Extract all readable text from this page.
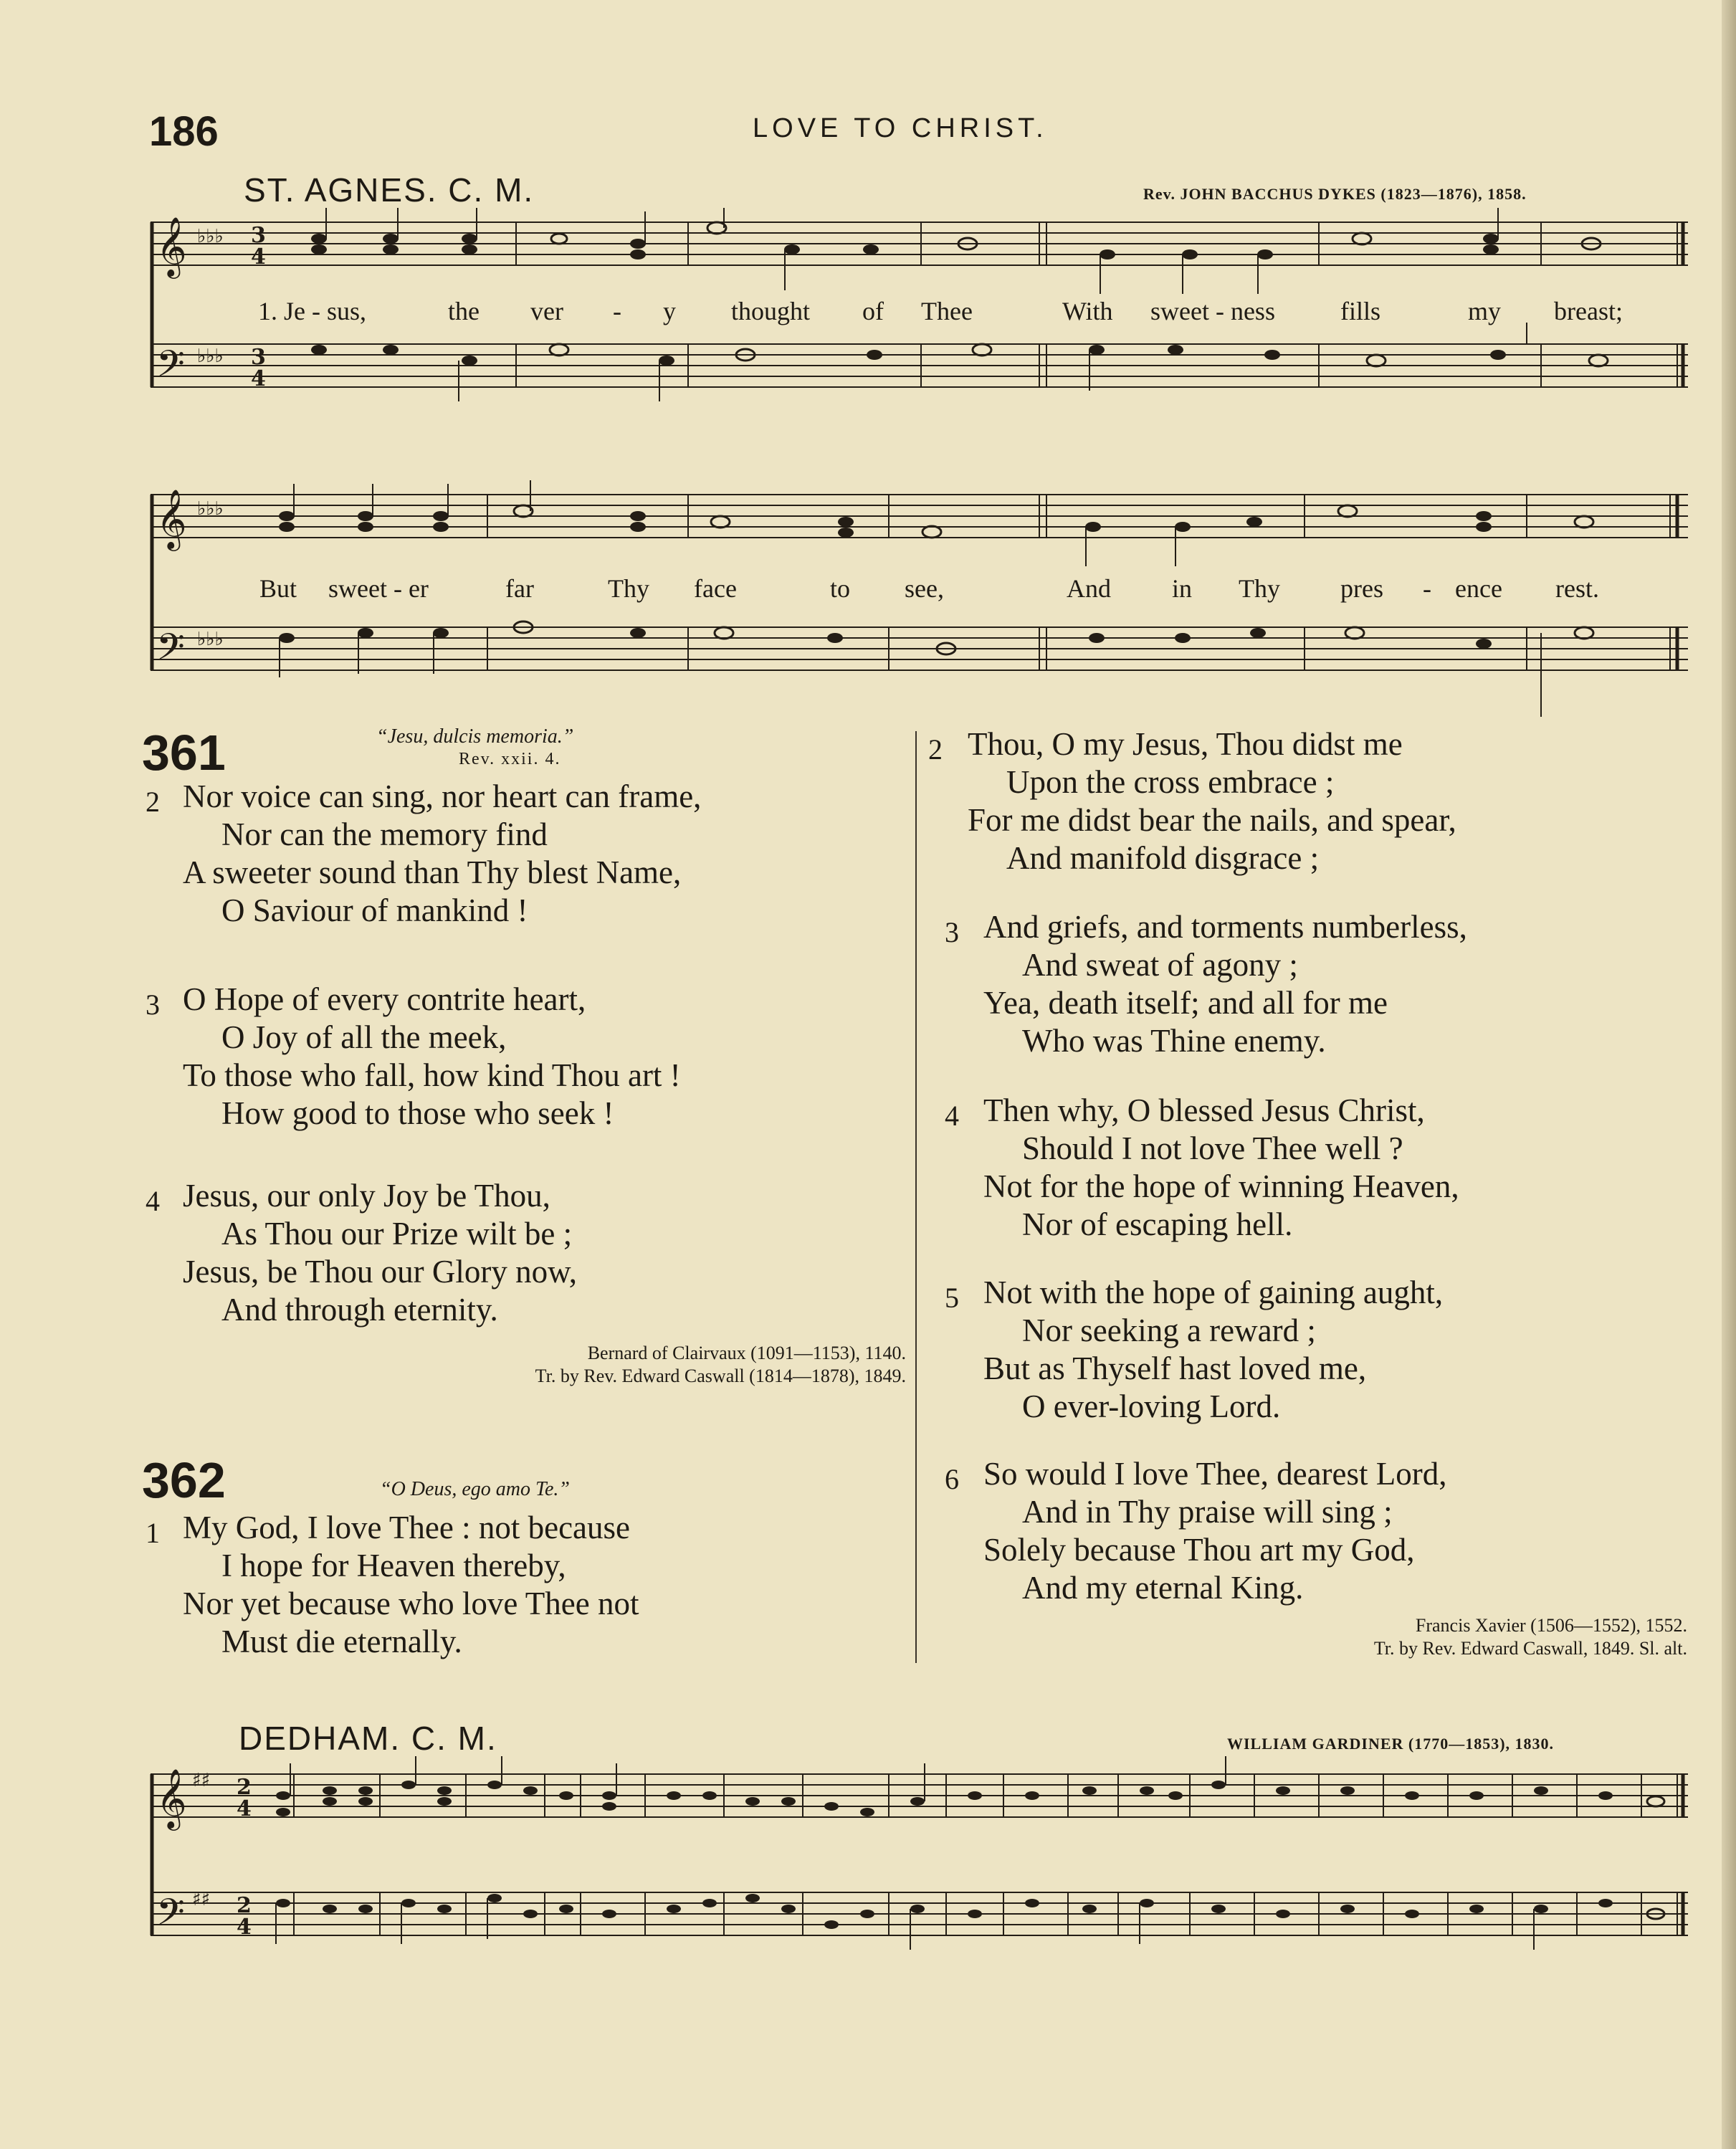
186	LOVE TO CHRIST.
ST. AGNES. C. M.	Rev. JOHN BACCHUS DYKES (1823—1876), 1858.
𝄞
𝄢
♭♭♭
♭♭♭
3
4
3
4
1. Je - sus,	the ver - y thought of Thee	With sweet - ness	fills	my breast;
𝄞
𝄢
♭♭♭
♭♭♭
But sweet - er	far	Thy face	to see,	And in Thy pres - ence rest.
361	“Jesu, dulcis memoria.”
Rev. xxii. 4.
2 Nor voice can sing, nor heart can frame,
Nor can the memory find
A sweeter sound than Thy blest Name,
O Saviour of mankind !
3 O Hope of every contrite heart,
O Joy of all the meek,
To those who fall, how kind Thou art !
How good to those who seek !
4 Jesus, our only Joy be Thou,
As Thou our Prize wilt be ;
Jesus, be Thou our Glory now,
And through eternity.
Bernard of Clairvaux (1091—1153), 1140.
Tr. by Rev. Edward Caswall (1814—1878), 1849.
362	“O Deus, ego amo Te.”
1 My God, I love Thee : not because
I hope for Heaven thereby,
Nor yet because who love Thee not
Must die eternally.
2 Thou, O my Jesus, Thou didst me
Upon the cross embrace ;
For me didst bear the nails, and spear,
And manifold disgrace ;
3 And griefs, and torments numberless,
And sweat of agony ;
Yea, death itself; and all for me
Who was Thine enemy.
4 Then why, O blessed Jesus Christ,
Should I not love Thee well ?
Not for the hope of winning Heaven,
Nor of escaping hell.
5 Not with the hope of gaining aught,
Nor seeking a reward ;
But as Thyself hast loved me,
O ever-loving Lord.
6 So would I love Thee, dearest Lord,
And in Thy praise will sing ;
Solely because Thou art my God,
And my eternal King.
Francis Xavier (1506—1552), 1552.
Tr. by Rev. Edward Caswall, 1849. Sl. alt.
DEDHAM. C. M.	WILLIAM GARDINER (1770—1853), 1830.
𝄞
𝄢
♯♯
♯♯
2
4
2
4
